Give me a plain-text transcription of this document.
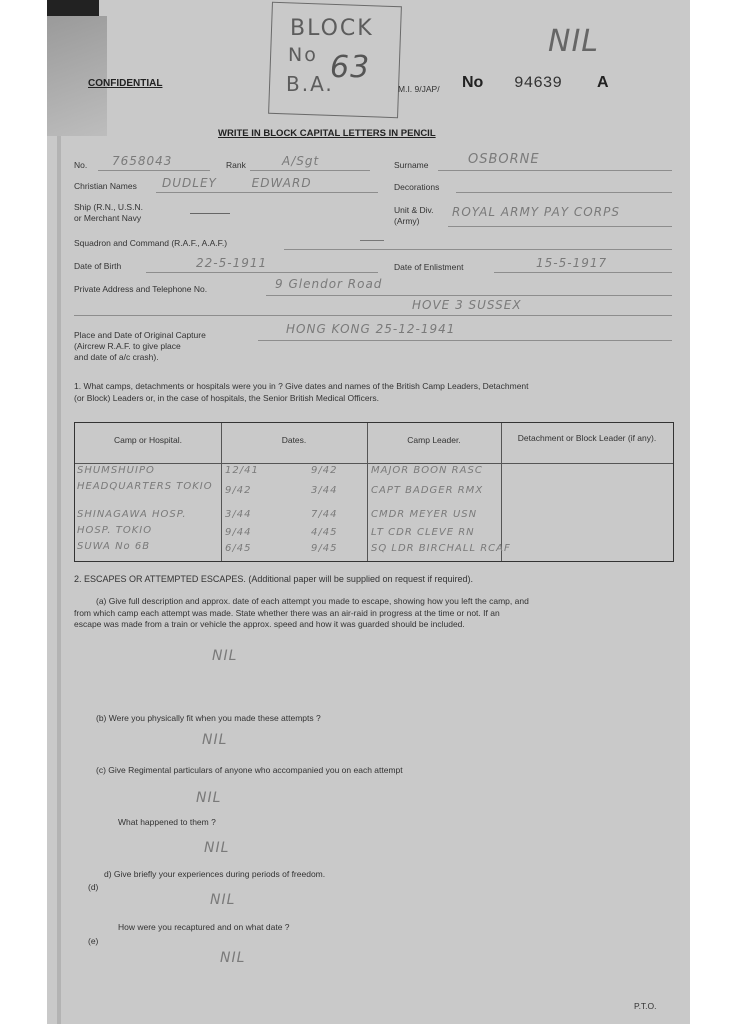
BLOCK
No
B.A.
63
NIL
CONFIDENTIAL	M.I. 9/JAP/ No 94639 A
WRITE IN BLOCK CAPITAL LETTERS IN PENCIL
No. 7658043	Rank	A/Sgt	Surname	OSBORNE
Christian Names DUDLEY EDWARD	Decorations
Ship (R.N., U.S.N.
or Merchant Navy
Unit & Div.
(Army)
ROYAL ARMY PAY CORPS
Squadron and Command (R.A.F., A.A.F.)
Date of Birth	22-5-1911	Date of Enlistment	15-5-1917
Private Address and Telephone No.	9 Glendor Road
HOVE 3 SUSSEX
Place and Date of Original Capture
(Aircrew R.A.F. to give place
and date of a/c crash).
HONG KONG 25-12-1941
1. What camps, detachments or hospitals were you in ? Give dates and names of the British Camp Leaders, Detachment
(or Block) Leaders or, in the case of hospitals, the Senior British Medical Officers.
Camp or Hospital.	Dates.	Camp Leader.	Detachment or Block Leader (if any).
SHUMSHUIPO	12/41	9/42	MAJOR BOON RASC
HEADQUARTERS TOKIO	9/42	3/44	CAPT BADGER RMX
SHINAGAWA HOSP.	3/44	7/44	CMDR MEYER USN
HOSP. TOKIO	9/44	4/45	LT CDR CLEVE RN
SUWA No 6B	6/45	9/45	SQ LDR BIRCHALL RCAF
2. ESCAPES OR ATTEMPTED ESCAPES. (Additional paper will be supplied on request if required).
(a) Give full description and approx. date of each attempt you made to escape, showing how you left the camp, and
from which camp each attempt was made. State whether there was an air-raid in progress at the time or not. If an
escape was made from a train or vehicle the approx. speed and how it was guarded should be included.
NIL
(b) Were you physically fit when you made these attempts ?
NIL
(c) Give Regimental particulars of anyone who accompanied you on each attempt
NIL
What happened to them ?
NIL
d) Give briefly your experiences during periods of freedom.
(d)
NIL
How were you recaptured and on what date ?
(e)
NIL
P.T.O.
